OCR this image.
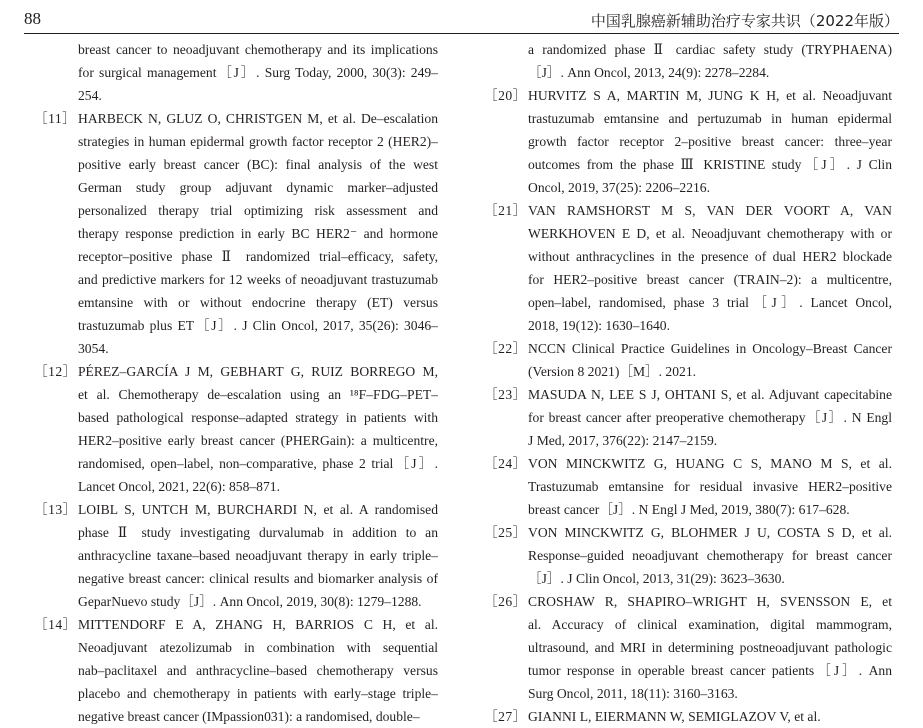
88	中国乳腺癌新辅助治疗专家共识（2022年版）
breast cancer to neoadjuvant chemotherapy and its implications
for surgical management［J］. Surg Today, 2000, 30(3): 249–
254.
［11］ HARBECK N, GLUZ O, CHRISTGEN M, et al. De–escalation
strategies in human epidermal growth factor receptor 2 (HER2)–
positive early breast cancer (BC): final analysis of the west
German study group adjuvant dynamic marker–adjusted
personalized therapy trial optimizing risk assessment and
therapy response prediction in early BC HER2⁻ and hormone
receptor–positive phase Ⅱ randomized trial–efficacy, safety,
and predictive markers for 12 weeks of neoadjuvant trastuzumab
emtansine with or without endocrine therapy (ET) versus
trastuzumab plus ET［J］. J Clin Oncol, 2017, 35(26): 3046–
3054.
［12］ PÉREZ–GARCÍA J M, GEBHART G, RUIZ BORREGO M,
et al. Chemotherapy de–escalation using an ¹⁸F–FDG–PET–
based pathological response–adapted strategy in patients with
HER2–positive early breast cancer (PHERGain): a multicentre,
randomised, open–label, non–comparative, phase 2 trial［J］.
Lancet Oncol, 2021, 22(6): 858–871.
［13］ LOIBL S, UNTCH M, BURCHARDI N, et al. A randomised
phase Ⅱ study investigating durvalumab in addition to an
anthracycline taxane–based neoadjuvant therapy in early triple–
negative breast cancer: clinical results and biomarker analysis of
GeparNuevo study［J］. Ann Oncol, 2019, 30(8): 1279–1288.
［14］ MITTENDORF E A, ZHANG H, BARRIOS C H, et al.
Neoadjuvant atezolizumab in combination with sequential
nab–paclitaxel and anthracycline–based chemotherapy versus
placebo and chemotherapy in patients with early–stage triple–
negative breast cancer (IMpassion031): a randomised, double–
a randomized phase Ⅱ cardiac safety study (TRYPHAENA)
［J］. Ann Oncol, 2013, 24(9): 2278–2284.
［20］ HURVITZ S A, MARTIN M, JUNG K H, et al. Neoadjuvant
trastuzumab emtansine and pertuzumab in human epidermal
growth factor receptor 2–positive breast cancer: three–year
outcomes from the phase Ⅲ KRISTINE study［J］. J Clin
Oncol, 2019, 37(25): 2206–2216.
［21］ VAN RAMSHORST M S, VAN DER VOORT A, VAN
WERKHOVEN E D, et al. Neoadjuvant chemotherapy with or
without anthracyclines in the presence of dual HER2 blockade
for HER2–positive breast cancer (TRAIN–2): a multicentre,
open–label, randomised, phase 3 trial［J］. Lancet Oncol,
2018, 19(12): 1630–1640.
［22］ NCCN Clinical Practice Guidelines in Oncology–Breast Cancer
(Version 8 2021)［M］. 2021.
［23］ MASUDA N, LEE S J, OHTANI S, et al. Adjuvant capecitabine
for breast cancer after preoperative chemotherapy［J］. N Engl
J Med, 2017, 376(22): 2147–2159.
［24］ VON MINCKWITZ G, HUANG C S, MANO M S, et al.
Trastuzumab emtansine for residual invasive HER2–positive
breast cancer［J］. N Engl J Med, 2019, 380(7): 617–628.
［25］ VON MINCKWITZ G, BLOHMER J U, COSTA S D, et al.
Response–guided neoadjuvant chemotherapy for breast cancer
［J］. J Clin Oncol, 2013, 31(29): 3623–3630.
［26］ CROSHAW R, SHAPIRO–WRIGHT H, SVENSSON E, et
al. Accuracy of clinical examination, digital mammogram,
ultrasound, and MRI in determining postneoadjuvant pathologic
tumor response in operable breast cancer patients［J］. Ann
Surg Oncol, 2011, 18(11): 3160–3163.
［27］ GIANNI L, EIERMANN W, SEMIGLAZOV V, et al.
